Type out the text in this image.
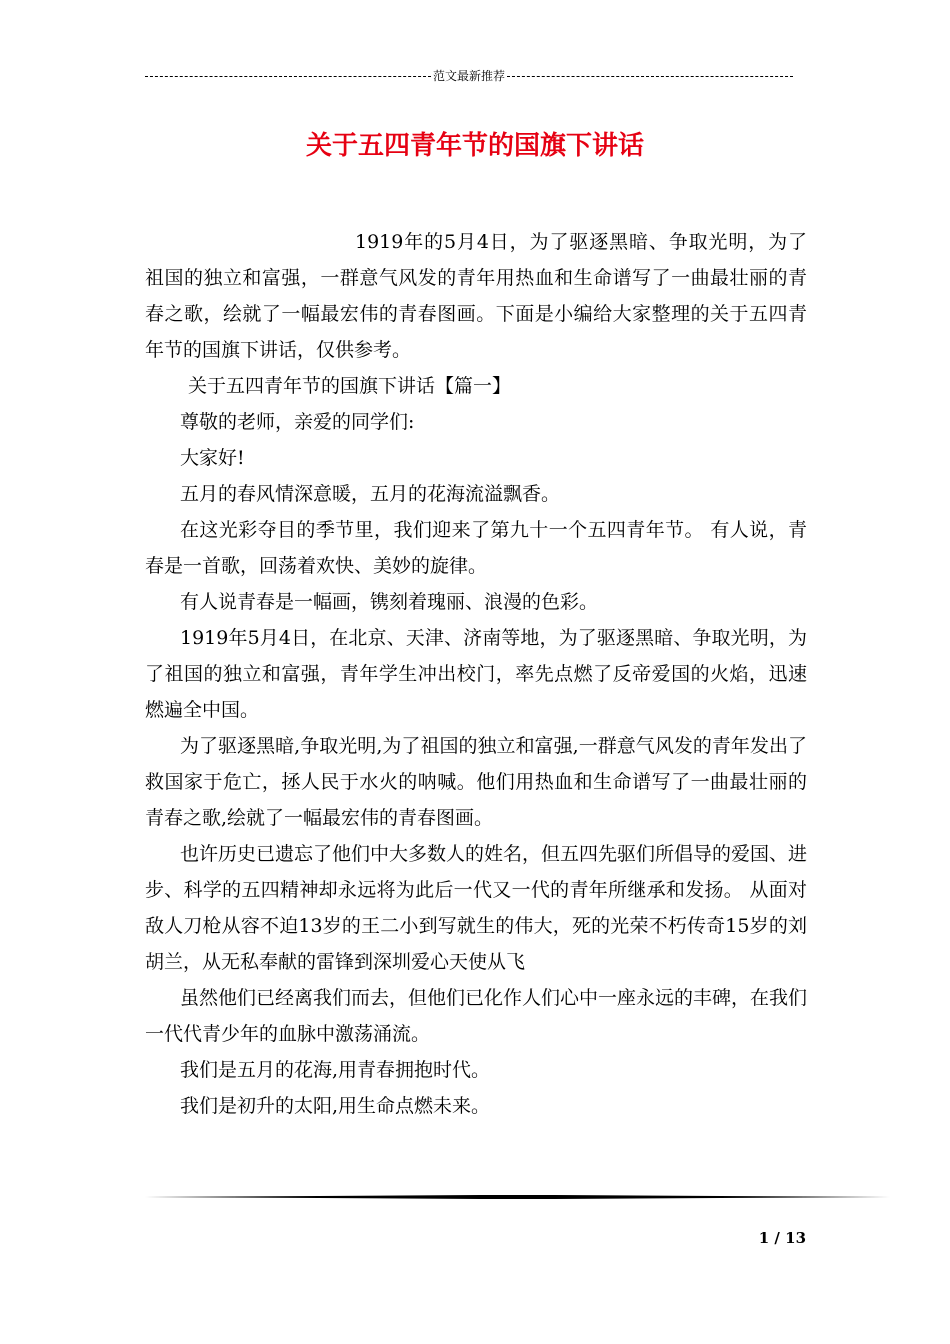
范文最新推荐
关于五四青年节的国旗下讲话

1919年的5月4日，为了驱逐黑暗、争取光明，为了祖国的独立和富强，一群意气风发的青年用热血和生命谱写了一曲最壮丽的青春之歌，绘就了一幅最宏伟的青春图画。下面是小编给大家整理的关于五四青年节的国旗下讲话，仅供参考。

关于五四青年节的国旗下讲话【篇一】

尊敬的老师，亲爱的同学们:

大家好!

五月的春风情深意暖，五月的花海流溢飘香。

在这光彩夺目的季节里，我们迎来了第九十一个五四青年节。 有人说，青春是一首歌，回荡着欢快、美妙的旋律。

有人说青春是一幅画，镌刻着瑰丽、浪漫的色彩。

1919年5月4日，在北京、天津、济南等地，为了驱逐黑暗、争取光明，为了祖国的独立和富强，青年学生冲出校门，率先点燃了反帝爱国的火焰，迅速燃遍全中国。

为了驱逐黑暗,争取光明,为了祖国的独立和富强,一群意气风发的青年发出了救国家于危亡，拯人民于水火的呐喊。他们用热血和生命谱写了一曲最壮丽的青春之歌,绘就了一幅最宏伟的青春图画。

也许历史已遗忘了他们中大多数人的姓名，但五四先驱们所倡导的爱国、进步、科学的五四精神却永远将为此后一代又一代的青年所继承和发扬。 从面对敌人刀枪从容不迫13岁的王二小到写就生的伟大，死的光荣不朽传奇15岁的刘胡兰，从无私奉献的雷锋到深圳爱心天使从飞

虽然他们已经离我们而去，但他们已化作人们心中一座永远的丰碑，在我们一代代青少年的血脉中激荡涌流。

我们是五月的花海,用青春拥抱时代。

我们是初升的太阳,用生命点燃未来。

1 / 13
